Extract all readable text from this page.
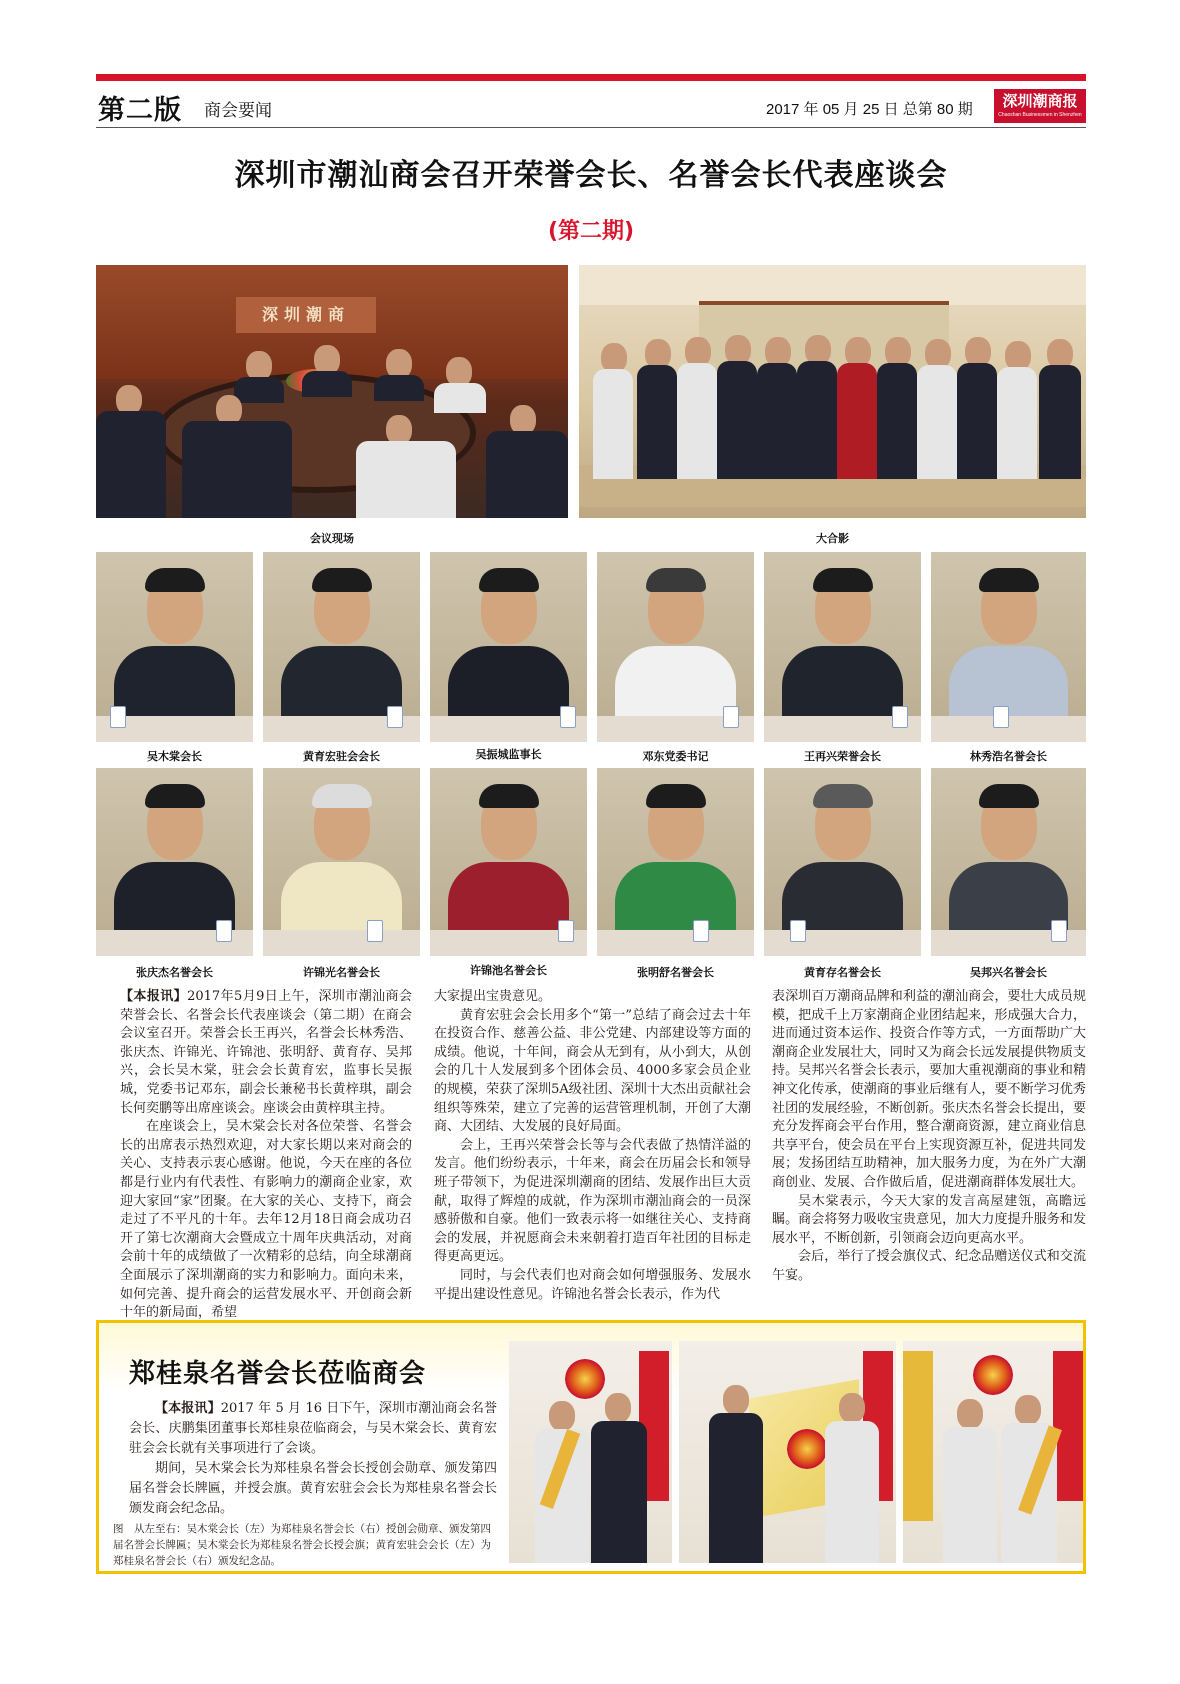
第二版 商会要闻	2017 年 05 月 25 日 总第 80 期	深圳潮商报
Chaoshan Businessmen in Shenzhen
深圳市潮汕商会召开荣誉会长、名誉会长代表座谈会
(第二期)
深圳潮商
会议现场	大合影
吴木棠会长	黄育宏驻会会长	吴振城监事长	邓东党委书记	王再兴荣誉会长	林秀浩名誉会长
张庆杰名誉会长	许锦光名誉会长	许锦池名誉会长	张明舒名誉会长	黄育存名誉会长	吴邦兴名誉会长

【本报讯】2017年5月9日上午，深圳市潮汕商会荣誉会长、名誉会长代表座谈会（第二期）在商会会议室召开。荣誉会长王再兴，名誉会长林秀浩、张庆杰、许锦光、许锦池、张明舒、黄育存、吴邦兴，会长吴木棠，驻会会长黄育宏，监事长吴振城，党委书记邓东，副会长兼秘书长黄梓琪，副会长何奕鹏等出席座谈会。座谈会由黄梓琪主持。

在座谈会上，吴木棠会长对各位荣誉、名誉会长的出席表示热烈欢迎，对大家长期以来对商会的关心、支持表示衷心感谢。他说，今天在座的各位都是行业内有代表性、有影响力的潮商企业家，欢迎大家回“家”团聚。在大家的关心、支持下，商会走过了不平凡的十年。去年12月18日商会成功召开了第七次潮商大会暨成立十周年庆典活动，对商会前十年的成绩做了一次精彩的总结，向全球潮商全面展示了深圳潮商的实力和影响力。面向未来，如何完善、提升商会的运营发展水平、开创商会新十年的新局面，希望

大家提出宝贵意见。

黄育宏驻会会长用多个“第一”总结了商会过去十年在投资合作、慈善公益、非公党建、内部建设等方面的成绩。他说，十年间，商会从无到有，从小到大，从创会的几十人发展到多个团体会员、4000多家会员企业的规模，荣获了深圳5A级社团、深圳十大杰出贡献社会组织等殊荣，建立了完善的运营管理机制，开创了大潮商、大团结、大发展的良好局面。

会上，王再兴荣誉会长等与会代表做了热情洋溢的发言。他们纷纷表示，十年来，商会在历届会长和领导班子带领下，为促进深圳潮商的团结、发展作出巨大贡献，取得了辉煌的成就，作为深圳市潮汕商会的一员深感骄傲和自豪。他们一致表示将一如继往关心、支持商会的发展，并祝愿商会未来朝着打造百年社团的目标走得更高更远。

同时，与会代表们也对商会如何增强服务、发展水平提出建设性意见。许锦池名誉会长表示，作为代

表深圳百万潮商品牌和利益的潮汕商会，要壮大成员规模，把成千上万家潮商企业团结起来，形成强大合力，进而通过资本运作、投资合作等方式，一方面帮助广大潮商企业发展壮大，同时又为商会长远发展提供物质支持。吴邦兴名誉会长表示，要加大重视潮商的事业和精神文化传承，使潮商的事业后继有人，要不断学习优秀社团的发展经验，不断创新。张庆杰名誉会长提出，要充分发挥商会平台作用，整合潮商资源，建立商业信息共享平台，使会员在平台上实现资源互补，促进共同发展；发扬团结互助精神，加大服务力度，为在外广大潮商创业、发展、合作做后盾，促进潮商群体发展壮大。

吴木棠表示，今天大家的发言高屋建瓴，高瞻远瞩。商会将努力吸收宝贵意见，加大力度提升服务和发展水平，不断创新，引领商会迈向更高水平。

会后，举行了授会旗仪式、纪念品赠送仪式和交流午宴。

郑桂泉名誉会长莅临商会

【本报讯】2017 年 5 月 16 日下午，深圳市潮汕商会名誉会长、庆鹏集团董事长郑桂泉莅临商会，与吴木棠会长、黄育宏驻会会长就有关事项进行了会谈。

期间，吴木棠会长为郑桂泉名誉会长授创会勋章、颁发第四届名誉会长牌匾，并授会旗。黄育宏驻会会长为郑桂泉名誉会长颁发商会纪念品。

图　从左至右：吴木棠会长（左）为郑桂泉名誉会长（右）授创会勋章、颁发第四届名誉会长牌匾；吴木棠会长为郑桂泉名誉会长授会旗；黄育宏驻会会长（左）为郑桂泉名誉会长（右）颁发纪念品。
